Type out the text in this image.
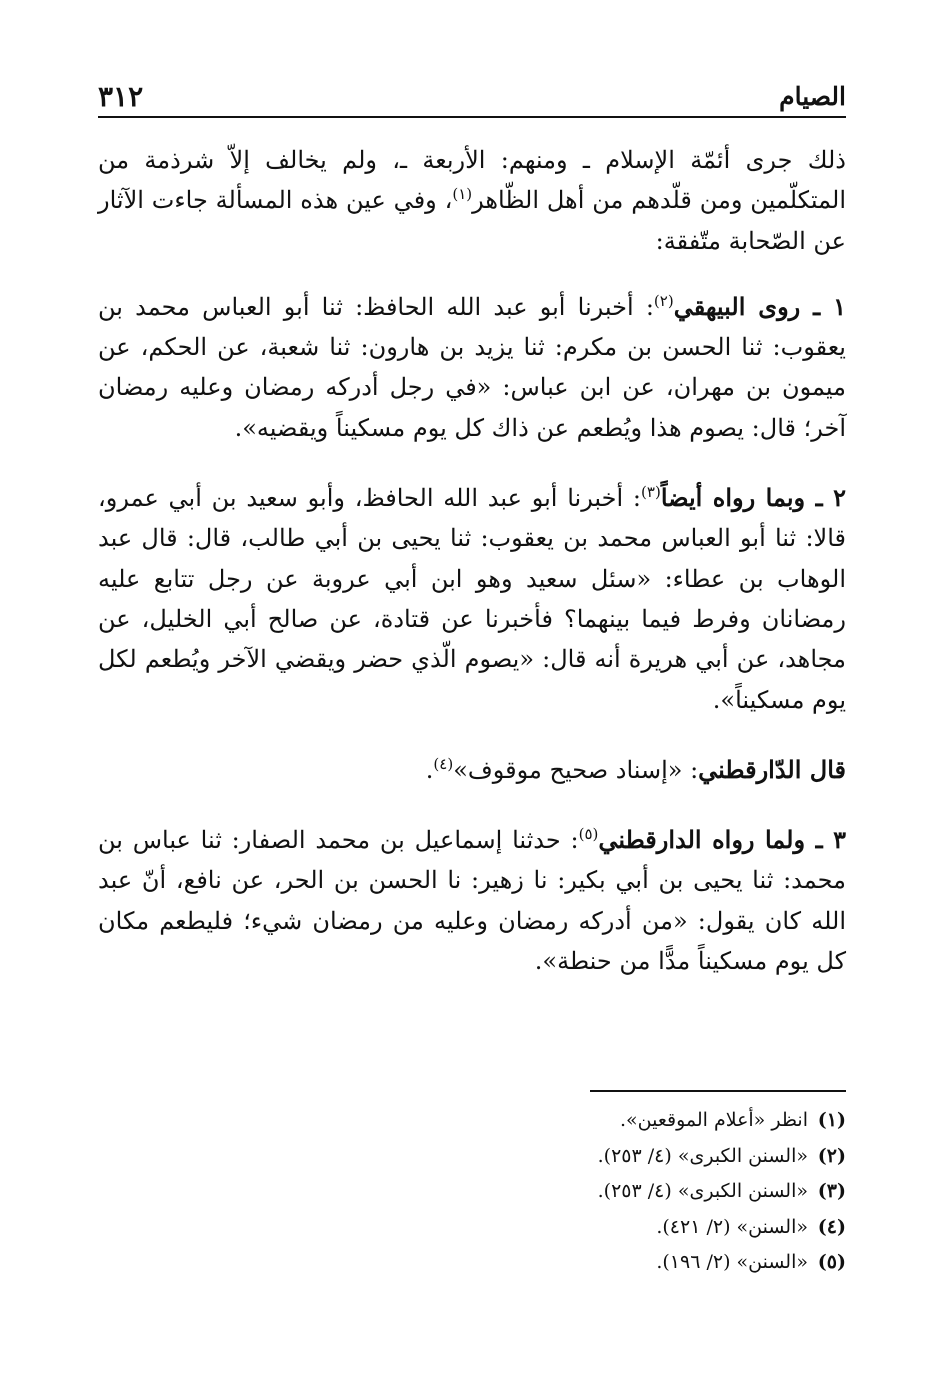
٣١٢	الصيام

ذلك جرى أئمّة الإسلام ـ ومنهم: الأربعة ـ، ولم يخالف إلاّ شرذمة من المتكلّمين ومن قلّدهم من أهل الظّاهر$^{(١)}$، وفي عين هذه المسألة جاءت الآثار عن الصّحابة متّفقة:

١ ـ روى البيهقي$^{(٢)}$: أخبرنا أبو عبد الله الحافظ: ثنا أبو العباس محمد بن يعقوب: ثنا الحسن بن مكرم: ثنا يزيد بن هارون: ثنا شعبة، عن الحكم، عن ميمون بن مهران، عن ابن عباس: «في رجل أدركه رمضان وعليه رمضان آخر؛ قال: يصوم هذا ويُطعم عن ذاك كل يوم مسكيناً ويقضيه».

٢ ـ وبما رواه أيضاً$^{(٣)}$: أخبرنا أبو عبد الله الحافظ، وأبو سعيد بن أبي عمرو، قالا: ثنا أبو العباس محمد بن يعقوب: ثنا يحيى بن أبي طالب، قال: قال عبد الوهاب بن عطاء: «سئل سعيد وهو ابن أبي عروبة عن رجل تتابع عليه رمضانان وفرط فيما بينهما؟ فأخبرنا عن قتادة، عن صالح أبي الخليل، عن مجاهد، عن أبي هريرة أنه قال: «يصوم الّذي حضر ويقضي الآخر ويُطعم لكل يوم مسكيناً».

قال الدّارقطني: «إسناد صحيح موقوف»$^{(٤)}$.

٣ ـ ولما رواه الدارقطني$^{(٥)}$: حدثنا إسماعيل بن محمد الصفار: ثنا عباس بن محمد: ثنا يحيى بن أبي بكير: نا زهير: نا الحسن بن الحر، عن نافع، أنّ عبد الله كان يقول: «من أدركه رمضان وعليه من رمضان شيء؛ فليطعم مكان كل يوم مسكيناً مدًّا من حنطة».

(١)انظر «أعلام الموقعين».
(٢)«السنن الكبرى» (٤/ ٢٥٣).
(٣)«السنن الكبرى» (٤/ ٢٥٣).
(٤)«السنن» (٢/ ٤٢١).
(٥)«السنن» (٢/ ١٩٦).
